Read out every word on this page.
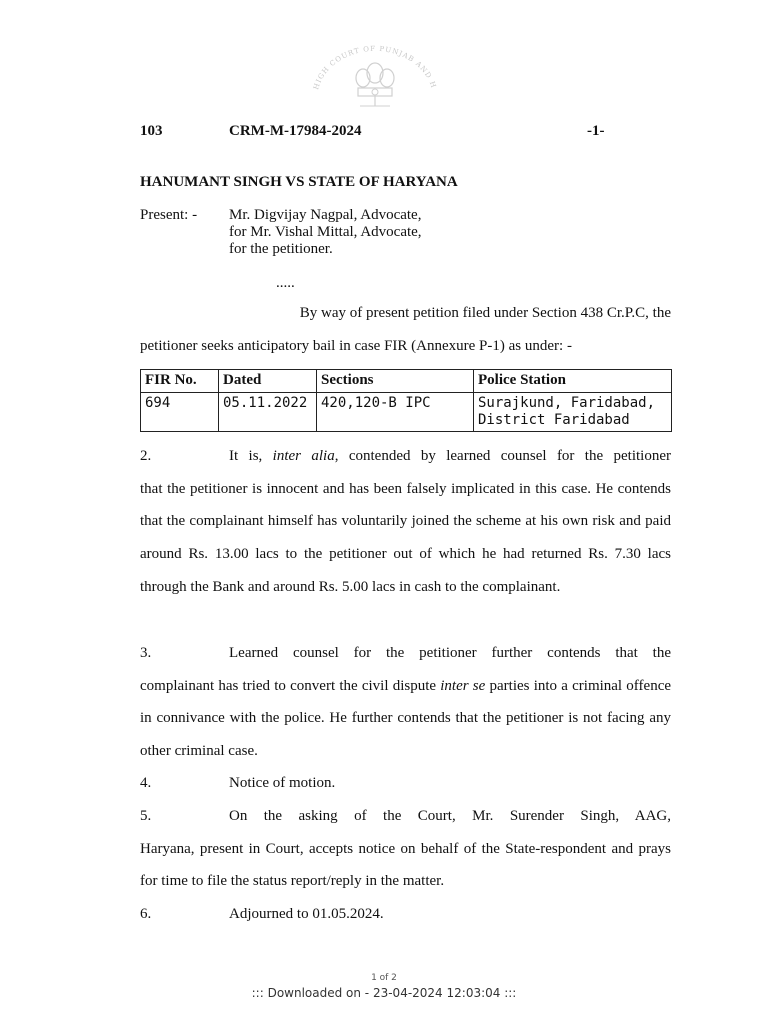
HIGH COURT OF PUNJAB AND H
103	CRM-M-17984-2024	-1-
HANUMANT SINGH VS STATE OF HARYANA
Present: - Mr. Digvijay Nagpal, Advocate,
for Mr. Vishal Mittal, Advocate,
for the petitioner.
.....

By way of present petition filed under Section 438 Cr.P.C, the

petitioner seeks anticipatory bail in case FIR (Annexure P-1) as under: -

FIR No.	Dated	Sections	Police Station
694	05.11.2022	420,120-B IPC	Surajkund, Faridabad,
District Faridabad
2.	It is, inter alia, contended by learned counsel for the petitioner

that the petitioner is innocent and has been falsely implicated in this case. He contends that the complainant himself has voluntarily joined the scheme at his own risk and paid around Rs. 13.00 lacs to the petitioner out of which he had returned Rs. 7.30 lacs through the Bank and around Rs. 5.00 lacs in cash to the complainant.

3.	Learned counsel for the petitioner further contends that the

complainant has tried to convert the civil dispute inter se parties into a criminal offence in connivance with the police. He further contends that the petitioner is not facing any other criminal case.

4.	Notice of motion.
5.	On the asking of the Court, Mr. Surender Singh, AAG,

Haryana, present in Court, accepts notice on behalf of the State-respondent and prays for time to file the status report/reply in the matter.

6.	Adjourned to 01.05.2024.
1 of 2
::: Downloaded on - 23-04-2024 12:03:04 :::
